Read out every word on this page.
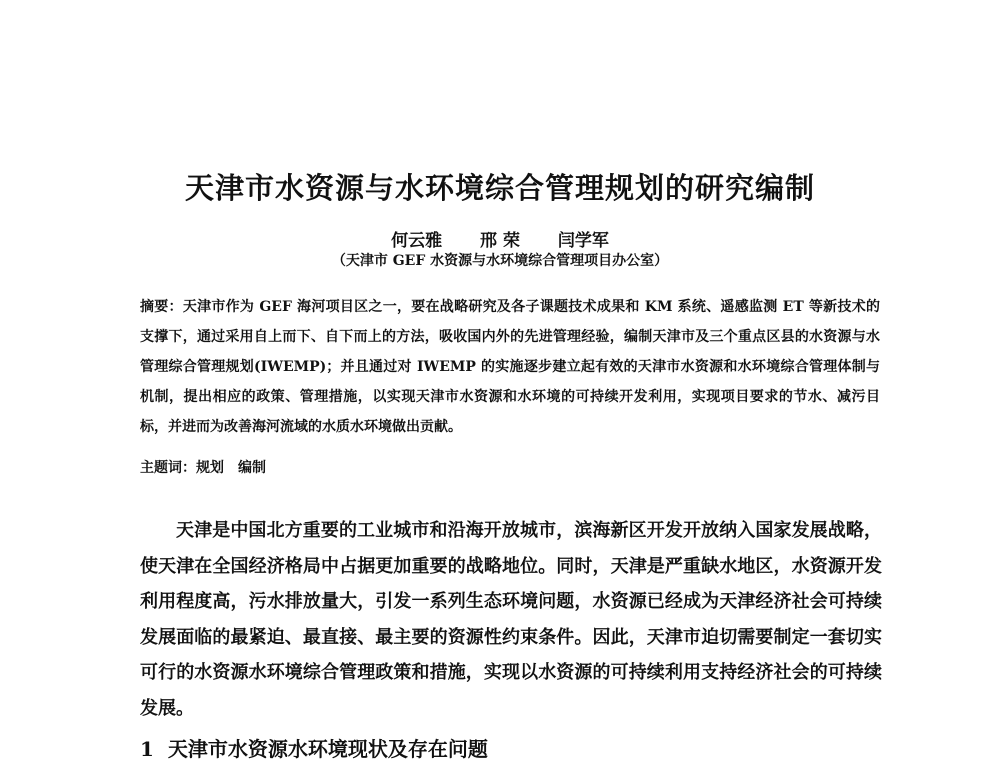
天津市水资源与水环境综合管理规划的研究编制
何云雅 邢 荣 闫学军
（天津市 GEF 水资源与水环境综合管理项目办公室）

摘要：天津市作为 GEF 海河项目区之一，要在战略研究及各子课题技术成果和 KM 系统、遥感监测 ET 等新技术的支撑下，通过采用自上而下、自下而上的方法，吸收国内外的先进管理经验，编制天津市及三个重点区县的水资源与水管理综合管理规划(IWEMP)；并且通过对 IWEMP 的实施逐步建立起有效的天津市水资源和水环境综合管理体制与机制，提出相应的政策、管理措施，以实现天津市水资源和水环境的可持续开发利用，实现项目要求的节水、减污目标，并进而为改善海河流域的水质水环境做出贡献。

主题词：规划　编制

天津是中国北方重要的工业城市和沿海开放城市，滨海新区开发开放纳入国家发展战略，使天津在全国经济格局中占据更加重要的战略地位。同时，天津是严重缺水地区，水资源开发利用程度高，污水排放量大，引发一系列生态环境问题，水资源已经成为天津经济社会可持续发展面临的最紧迫、最直接、最主要的资源性约束条件。因此，天津市迫切需要制定一套切实可行的水资源水环境综合管理政策和措施，实现以水资源的可持续利用支持经济社会的可持续发展。

1 天津市水资源水环境现状及存在问题
